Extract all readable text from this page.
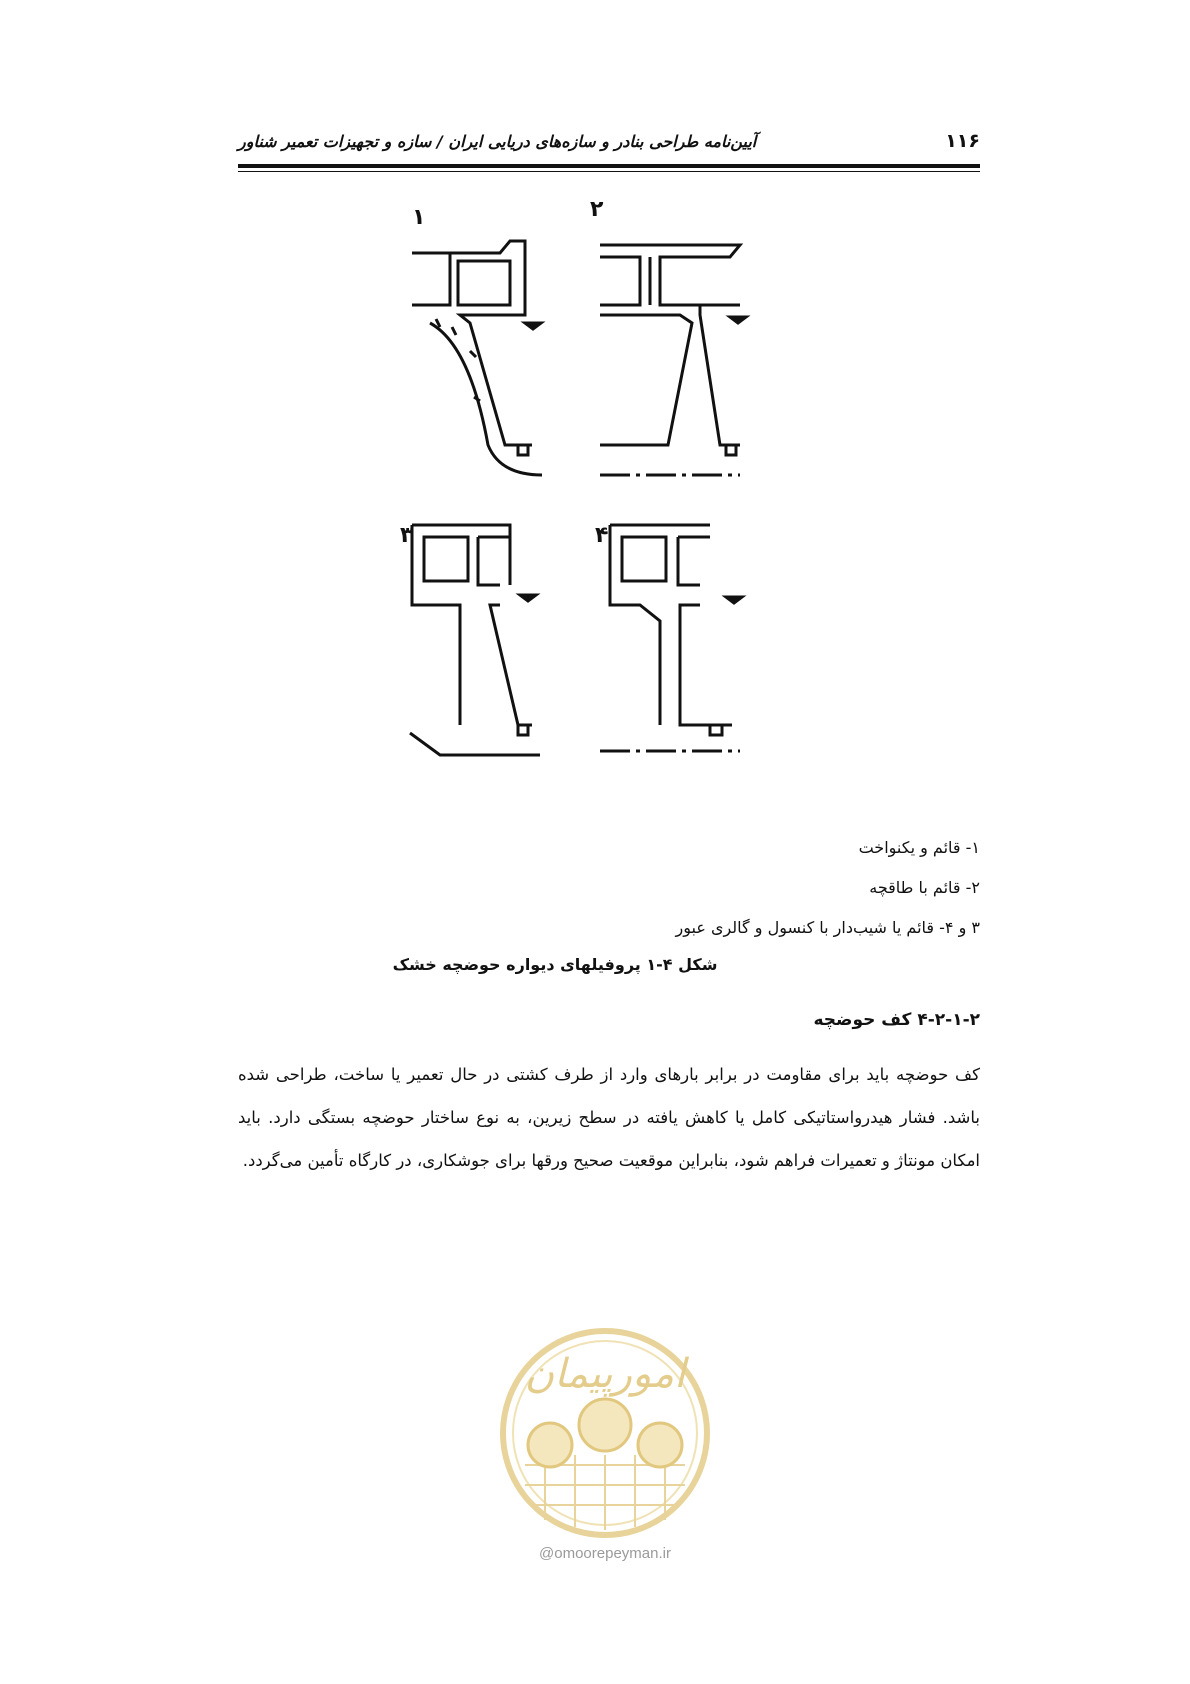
۱۱۶
آیین‌نامه طراحی بنادر و سازه‌های دریایی ایران / سازه و تجهیزات تعمیر شناور
۱	۲
۳	۴
۱- قائم و یکنواخت
۲- قائم با طاقچه
۳ و ۴- قائم یا شیب‌دار با کنسول و گالری عبور
شکل ۴-۱ پروفیلهای دیواره حوضچه خشک
۴-۲-۱-۲ کف حوضچه
کف حوضچه باید برای مقاومت در برابر بارهای وارد از طرف کشتی در حال تعمیر یا ساخت، طراحی شده باشد. فشار هیدرواستاتیکی کامل یا کاهش یافته در سطح زیرین، به نوع ساختار حوضچه بستگی دارد. باید امکان مونتاژ و تعمیرات فراهم شود، بنابراین موقعیت صحیح ورقها برای جوشکاری، در کارگاه تأمین می‌گردد.
امورپیمان
@omoorepeyman.ir
